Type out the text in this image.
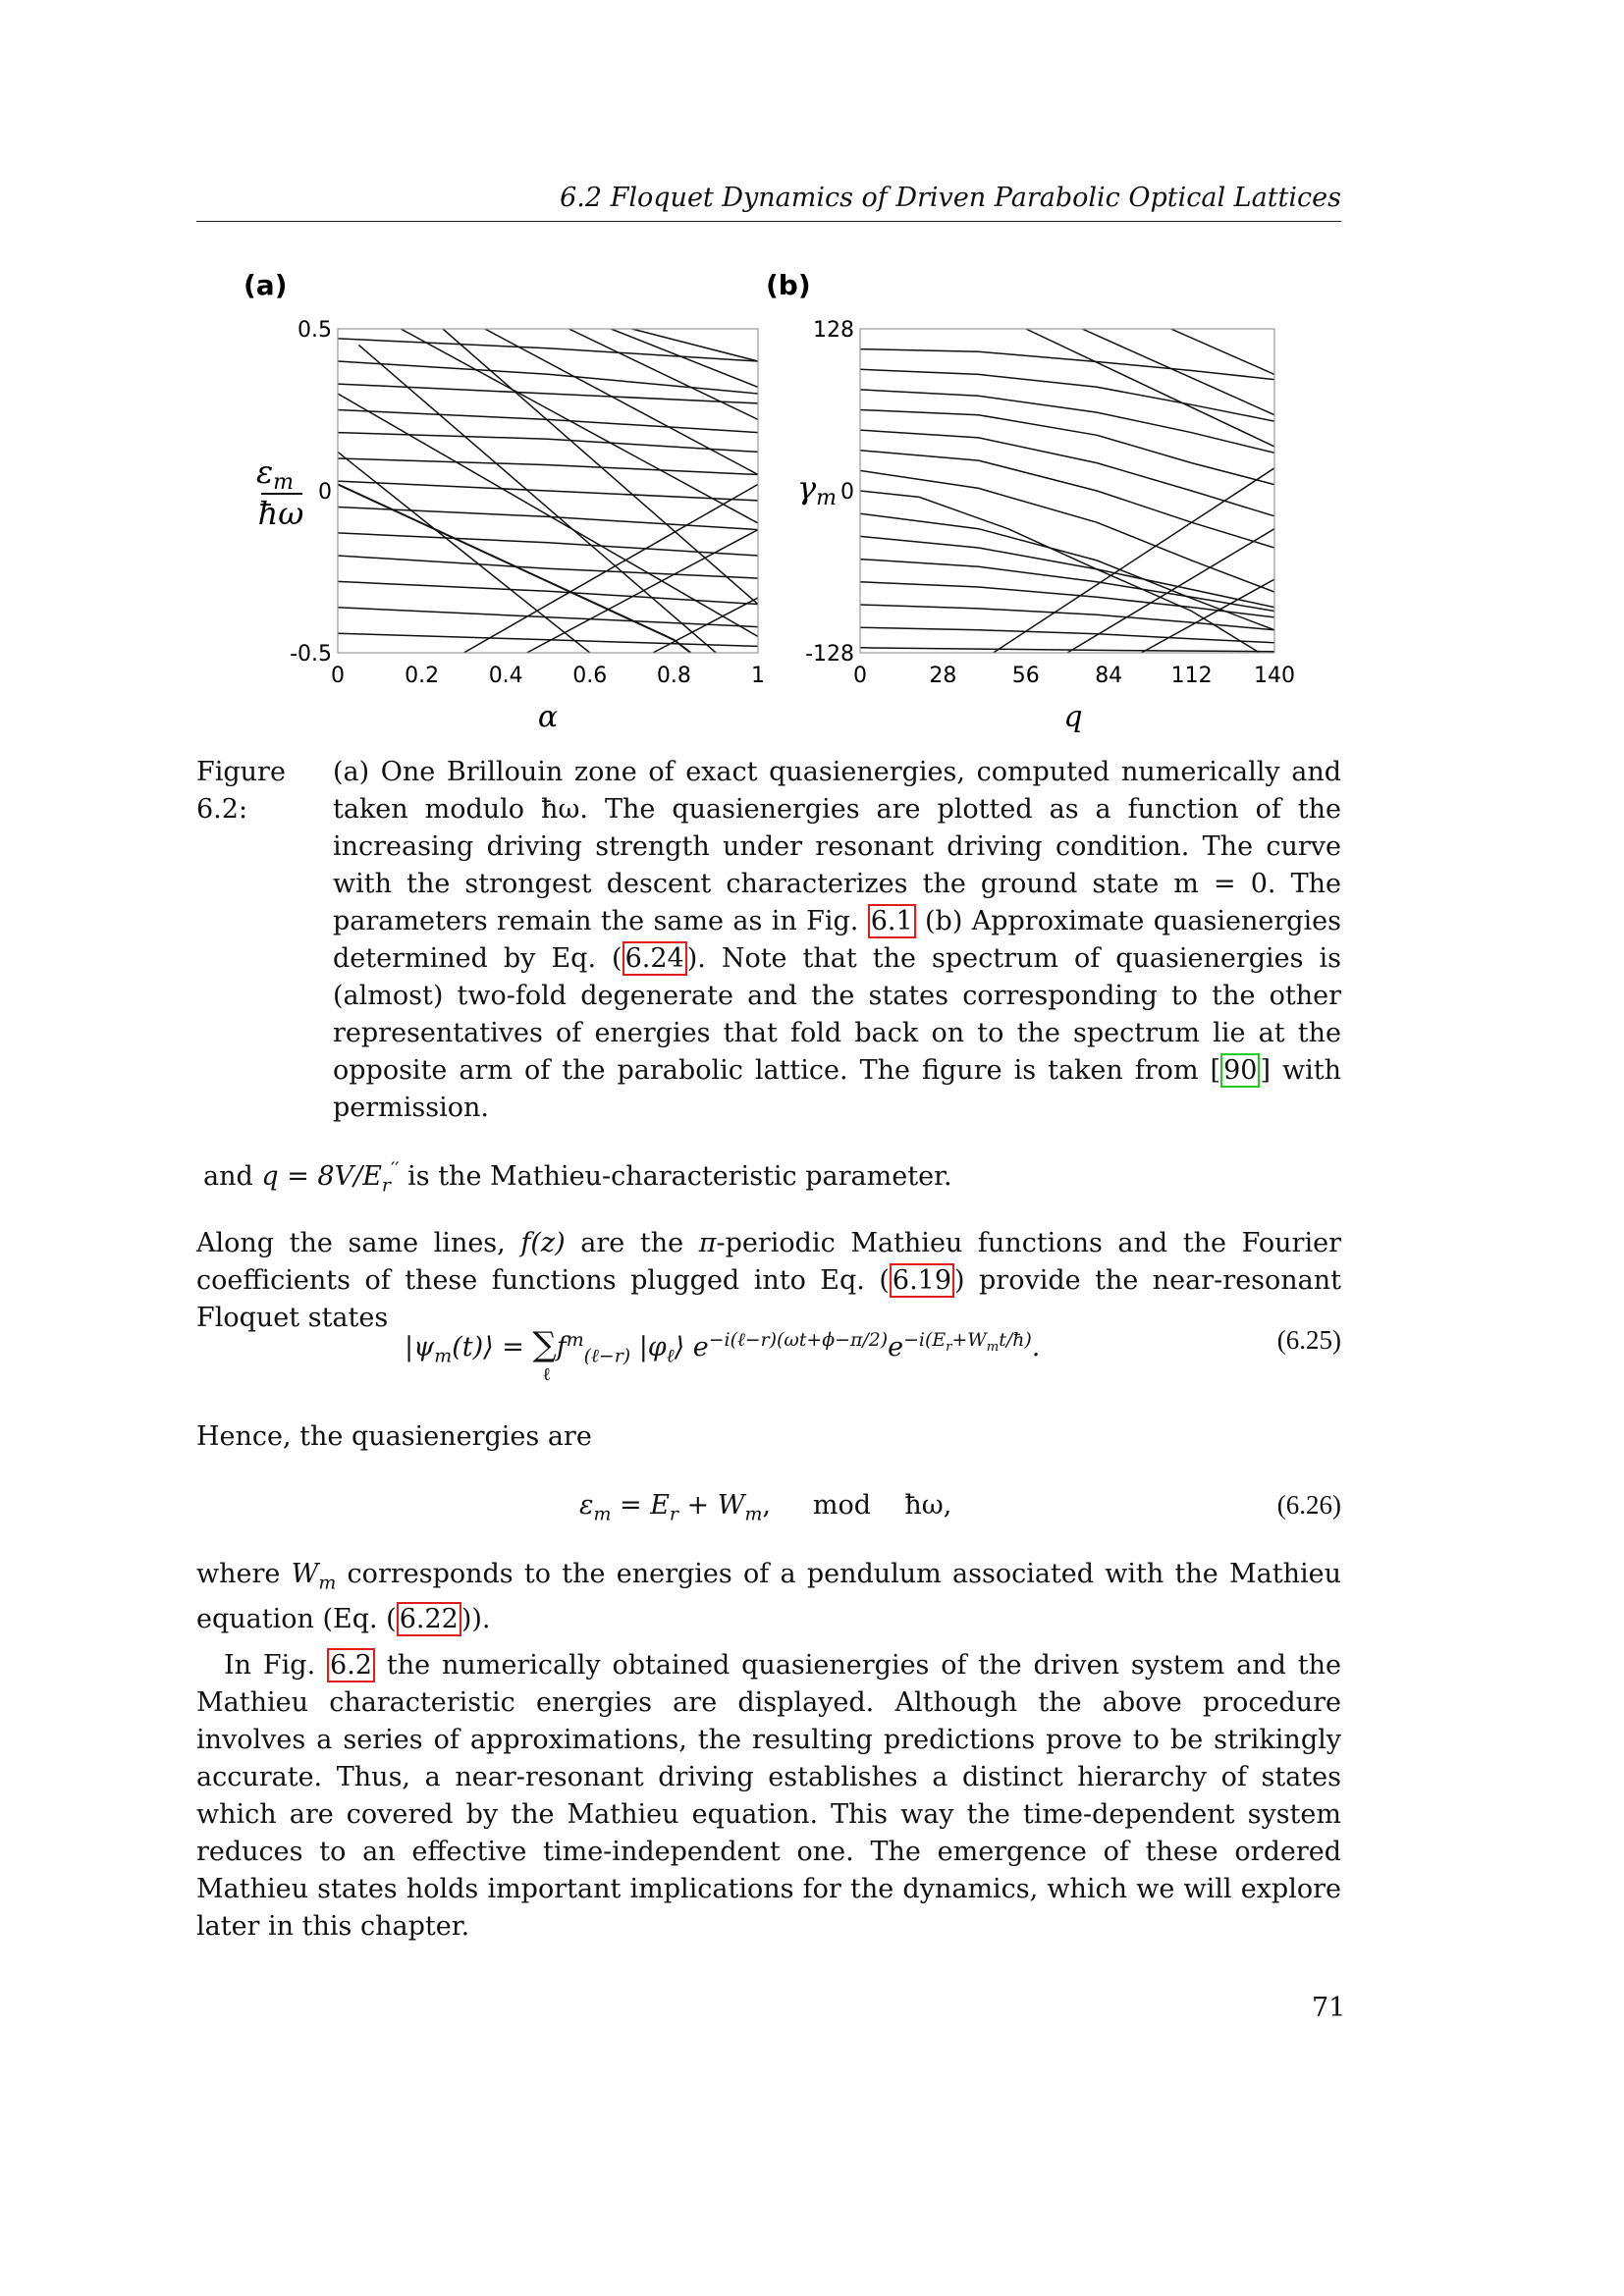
6.2 Floquet Dynamics of Driven Parabolic Optical Lattices
(a)
0	0.2 0.4 0.6 0.8	1
-0.5
0
0.5
α
(b)
0	28	56	84 112 140
-128
0
128
q
εm
ħω
γm
Figure 6.2:
(a) One Brillouin zone of exact quasienergies, computed numerically and taken modulo ħω. The quasienergies are plotted as a function of the increasing driving strength under resonant driving condition. The curve with the strongest descent characterizes the ground state m = 0. The parameters remain the same as in Fig. 6.1 (b) Approximate quasienergies determined by Eq. ( 6.24 ). Note that the spectrum of quasienergies is (almost) two-fold degenerate and the states corresponding to the other representatives of energies that fold back on to the spectrum lie at the opposite arm of the parabolic lattice. The figure is taken from [ 90 ] with permission.
and $q = 8V/E_r''$ is the Mathieu-characteristic parameter.
Along the same lines, f(z) are the π-periodic Mathieu functions and the Fourier coefficients of these functions plugged into Eq. ( 6.19 ) provide the near-resonant Floquet states
$|\psi_m(t)⟩$ = ∑
ℓ
$f^m_{(\ell-r)}$ $|\varphi_\ell⟩$ $e^{-i(\ell-r)(\omega t+\phi-\pi/2)}e^{-i(E_r+W_mt/ħ)}$.	(6.25)
Hence, the quasienergies are
$\varepsilon_m = E_r + W_m$,     mod    ħω,	(6.26)
where $W_m$ corresponds to the energies of a pendulum associated with the Mathieu equation (Eq. ( 6.22 )).
In Fig. 6.2 the numerically obtained quasienergies of the driven system and the Mathieu characteristic energies are displayed. Although the above procedure involves a series of approximations, the resulting predictions prove to be strikingly accurate. Thus, a near-resonant driving establishes a distinct hierarchy of states which are covered by the Mathieu equation. This way the time-dependent system reduces to an effective time-independent one. The emergence of these ordered Mathieu states holds important implications for the dynamics, which we will explore later in this chapter.
71
